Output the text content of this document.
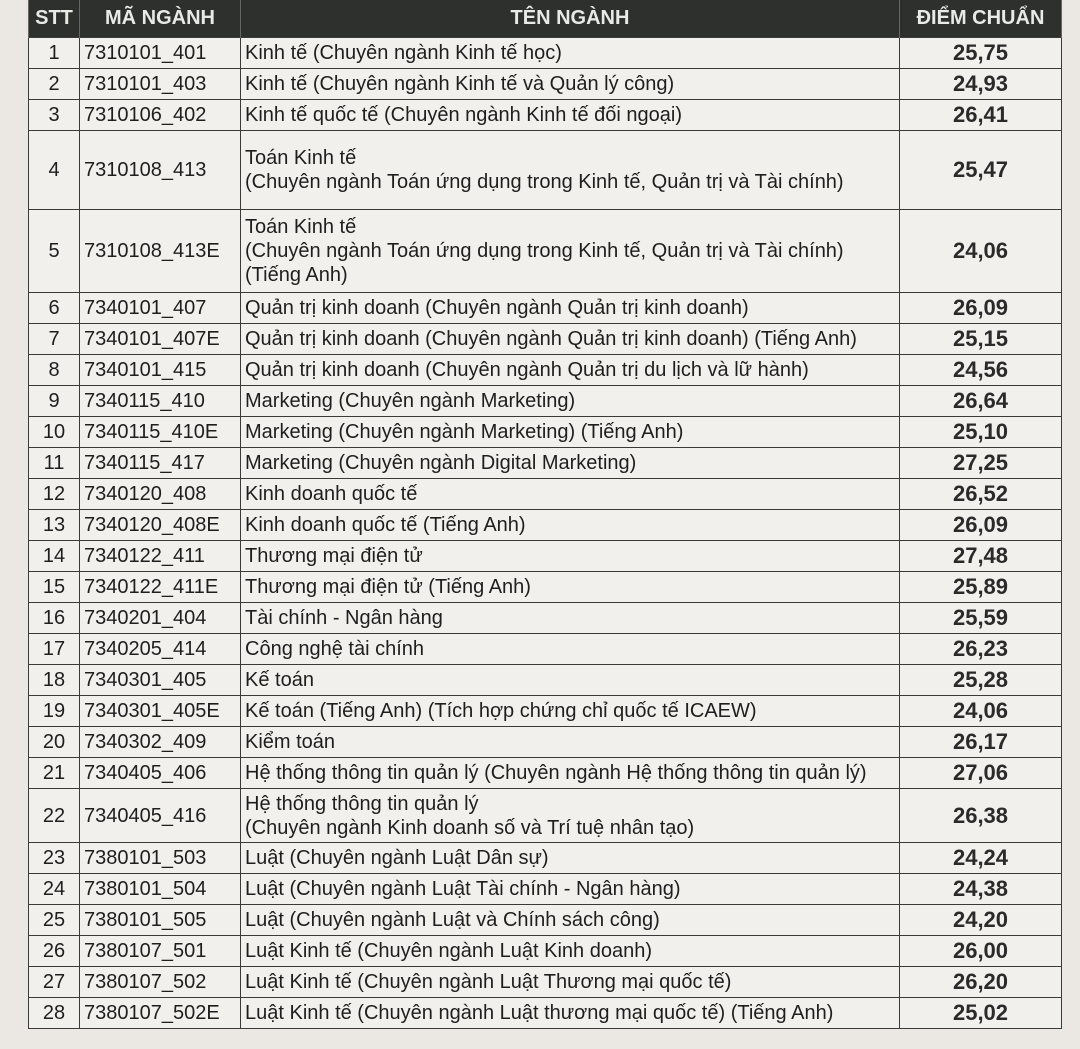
STT	MÃ NGÀNH	TÊN NGÀNH	ĐIỂM CHUẨN
1	7310101_401	Kinh tế (Chuyên ngành Kinh tế học)	25,75
2	7310101_403	Kinh tế (Chuyên ngành Kinh tế và Quản lý công)	24,93
3	7310106_402	Kinh tế quốc tế (Chuyên ngành Kinh tế đối ngoại)	26,41
4	7310108_413	Toán Kinh tế
(Chuyên ngành Toán ứng dụng trong Kinh tế, Quản trị và Tài chính)	25,47
5	7310108_413E	Toán Kinh tế
(Chuyên ngành Toán ứng dụng trong Kinh tế, Quản trị và Tài chính)
(Tiếng Anh)	24,06
6	7340101_407	Quản trị kinh doanh (Chuyên ngành Quản trị kinh doanh)	26,09
7	7340101_407E	Quản trị kinh doanh (Chuyên ngành Quản trị kinh doanh) (Tiếng Anh)	25,15
8	7340101_415	Quản trị kinh doanh (Chuyên ngành Quản trị du lịch và lữ hành)	24,56
9	7340115_410	Marketing (Chuyên ngành Marketing)	26,64
10	7340115_410E	Marketing (Chuyên ngành Marketing) (Tiếng Anh)	25,10
11	7340115_417	Marketing (Chuyên ngành Digital Marketing)	27,25
12	7340120_408	Kinh doanh quốc tế	26,52
13	7340120_408E	Kinh doanh quốc tế (Tiếng Anh)	26,09
14	7340122_411	Thương mại điện tử	27,48
15	7340122_411E	Thương mại điện tử (Tiếng Anh)	25,89
16	7340201_404	Tài chính - Ngân hàng	25,59
17	7340205_414	Công nghệ tài chính	26,23
18	7340301_405	Kế toán	25,28
19	7340301_405E	Kế toán (Tiếng Anh) (Tích hợp chứng chỉ quốc tế ICAEW)	24,06
20	7340302_409	Kiểm toán	26,17
21	7340405_406	Hệ thống thông tin quản lý (Chuyên ngành Hệ thống thông tin quản lý)	27,06
22	7340405_416	Hệ thống thông tin quản lý
(Chuyên ngành Kinh doanh số và Trí tuệ nhân tạo)	26,38
23	7380101_503	Luật (Chuyên ngành Luật Dân sự)	24,24
24	7380101_504	Luật (Chuyên ngành Luật Tài chính - Ngân hàng)	24,38
25	7380101_505	Luật (Chuyên ngành Luật và Chính sách công)	24,20
26	7380107_501	Luật Kinh tế (Chuyên ngành Luật Kinh doanh)	26,00
27	7380107_502	Luật Kinh tế (Chuyên ngành Luật Thương mại quốc tế)	26,20
28	7380107_502E	Luật Kinh tế (Chuyên ngành Luật thương mại quốc tế) (Tiếng Anh)	25,02
